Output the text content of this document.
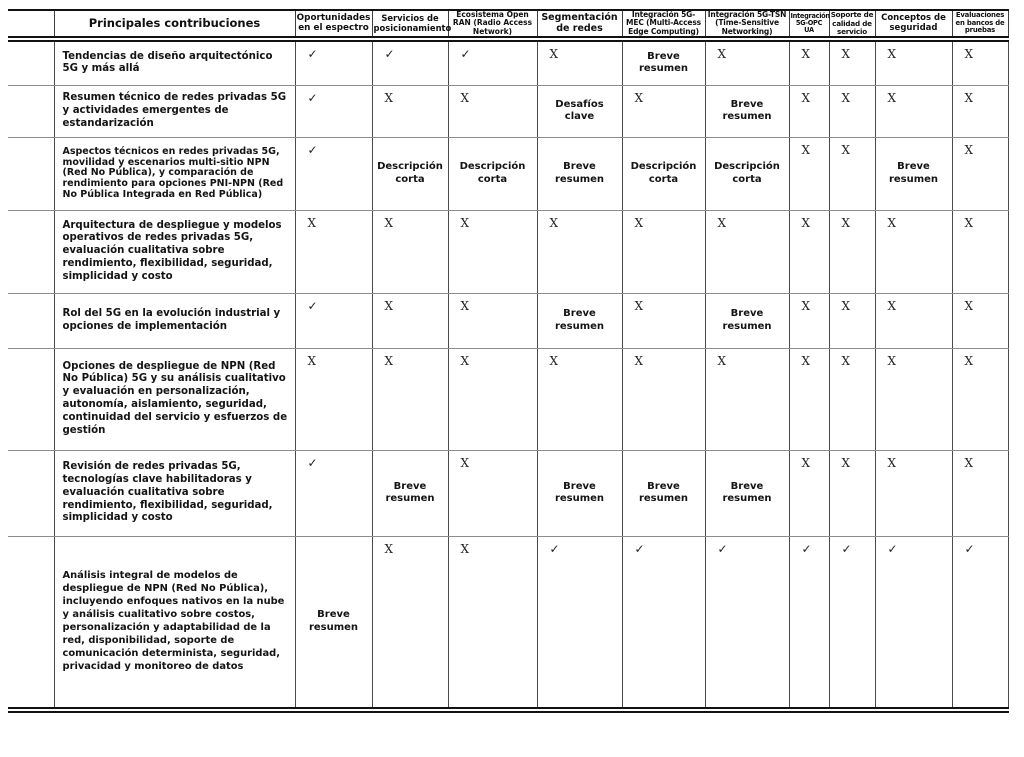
	Principales contribuciones	Oportunidades en el espectro	Servicios de posicionamiento	Ecosistema Open RAN (Radio Access Network)	Segmentación de redes	Integración 5G-MEC (Multi-Access Edge Computing)	Integración 5G-TSN (Time-Sensitive Networking)	Integración 5G-OPC UA	Soporte de calidad de servicio	Conceptos de seguridad	Evaluaciones en bancos de pruebas
	Tendencias de diseño arquitectónico 5G y más allá	✓	✓	✓	X	Breve resumen	X	X	X	X	X
	Resumen técnico de redes privadas 5G y actividades emergentes de estandarización	✓	X	X	Desafíos clave	X	Breve resumen	X	X	X	X
	Aspectos técnicos en redes privadas 5G, movilidad y escenarios multi-sitio NPN (Red No Pública), y comparación de rendimiento para opciones PNI-NPN (Red No Pública Integrada en Red Pública)	✓	Descripción corta	Descripción corta	Breve resumen	Descripción corta	Descripción corta	X	X	Breve resumen	X
	Arquitectura de despliegue y modelos operativos de redes privadas 5G, evaluación cualitativa sobre rendimiento, flexibilidad, seguridad, simplicidad y costo	X	X	X	X	X	X	X	X	X	X
	Rol del 5G en la evolución industrial y opciones de implementación	✓	X	X	Breve resumen	X	Breve resumen	X	X	X	X
	Opciones de despliegue de NPN (Red No Pública) 5G y su análisis cualitativo y evaluación en personalización, autonomía, aislamiento, seguridad, continuidad del servicio y esfuerzos de gestión	X	X	X	X	X	X	X	X	X	X
	Revisión de redes privadas 5G, tecnologías clave habilitadoras y evaluación cualitativa sobre rendimiento, flexibilidad, seguridad, simplicidad y costo	✓	Breve resumen	X	Breve resumen	Breve resumen	Breve resumen	X	X	X	X
	Análisis integral de modelos de despliegue de NPN (Red No Pública), incluyendo enfoques nativos en la nube y análisis cualitativo sobre costos, personalización y adaptabilidad de la red, disponibilidad, soporte de comunicación determinista, seguridad, privacidad y monitoreo de datos	Breve resumen	X	X	✓	✓	✓	✓	✓	✓	✓
